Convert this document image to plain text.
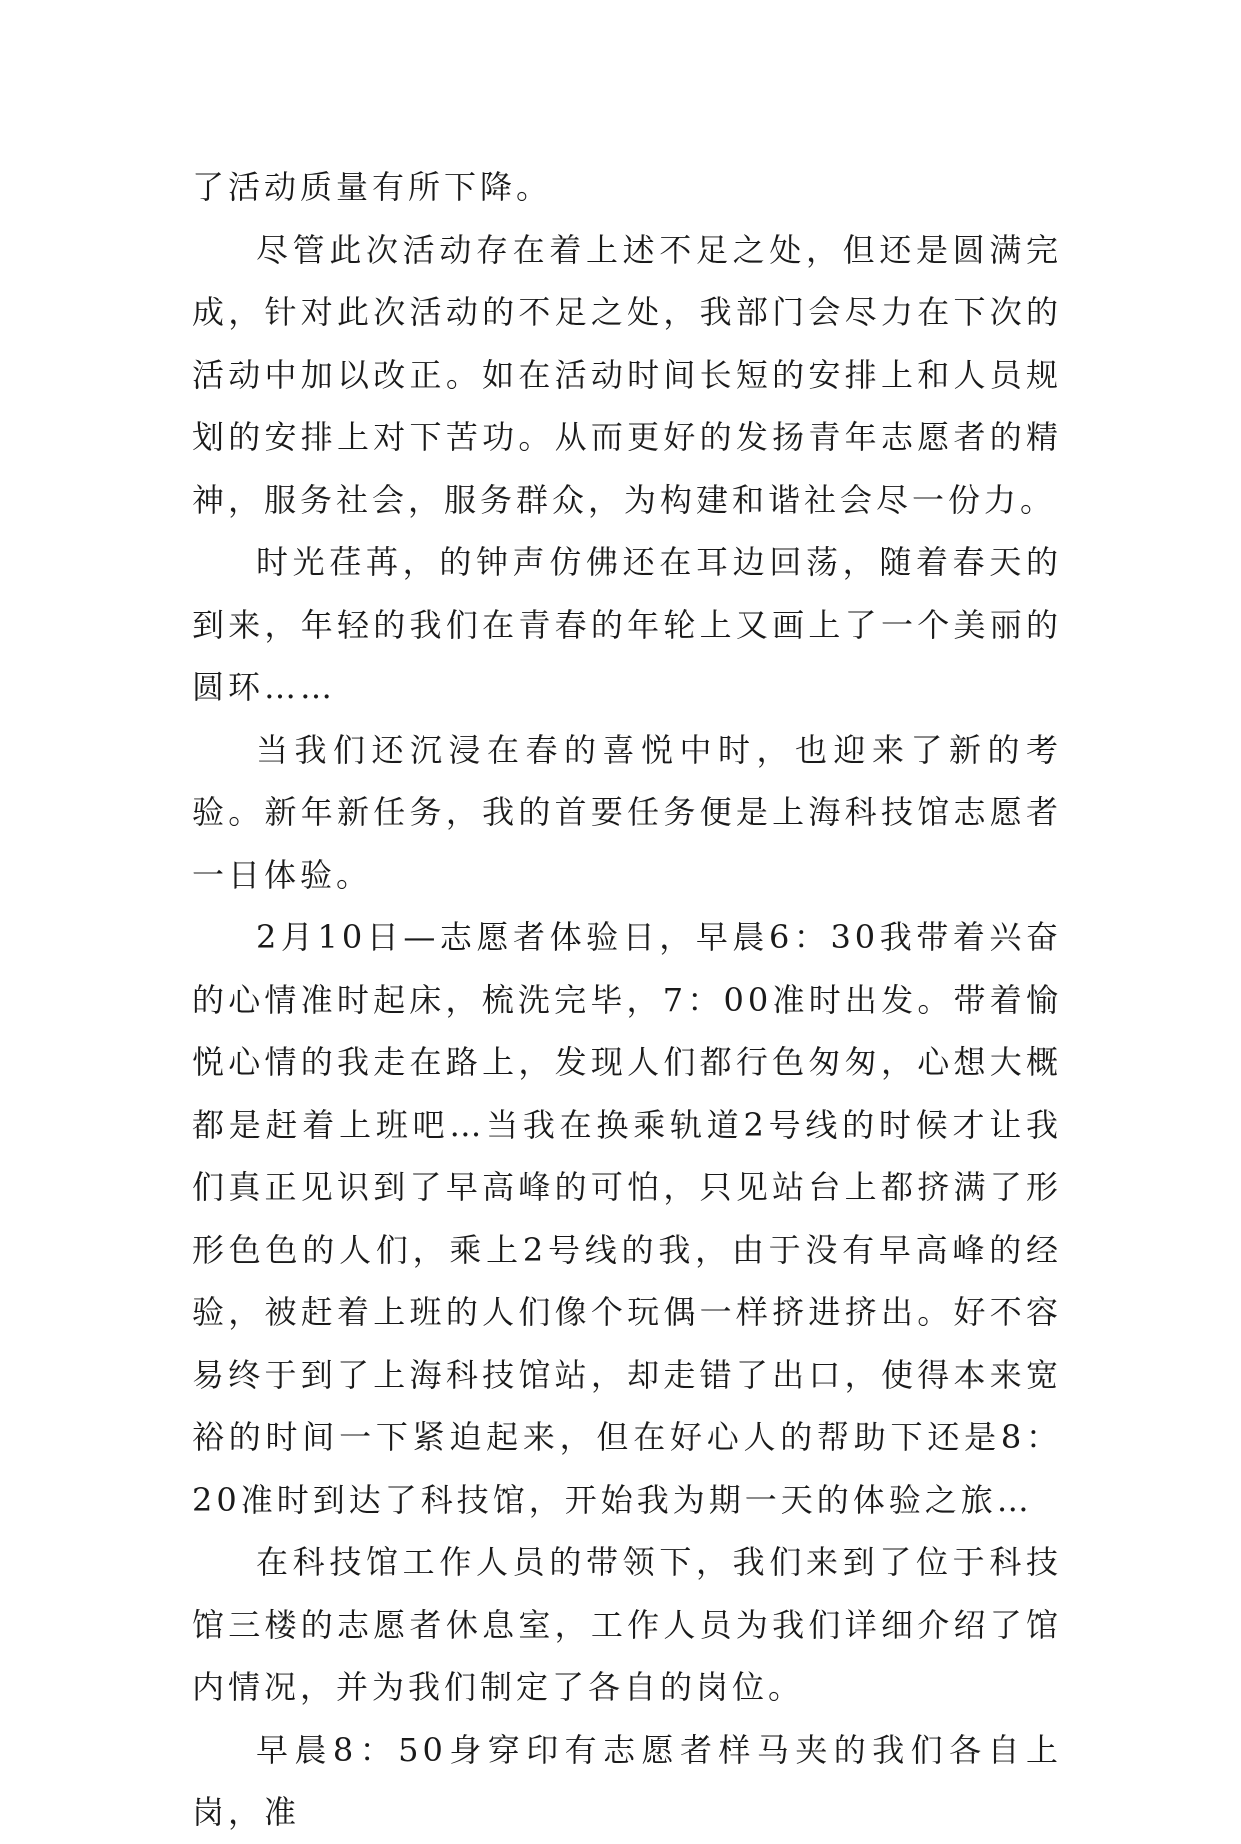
了活动质量有所下降。

尽管此次活动存在着上述不足之处，但还是圆满完成，针对此次活动的不足之处，我部门会尽力在下次的活动中加以改正。如在活动时间长短的安排上和人员规划的安排上对下苦功。从而更好的发扬青年志愿者的精神，服务社会，服务群众，为构建和谐社会尽一份力。

时光荏苒，的钟声仿佛还在耳边回荡，随着春天的到来，年轻的我们在青春的年轮上又画上了一个美丽的圆环……

当我们还沉浸在春的喜悦中时，也迎来了新的考验。新年新任务，我的首要任务便是上海科技馆志愿者一日体验。

2月10日—志愿者体验日，早晨6：30我带着兴奋的心情准时起床，梳洗完毕，7：00准时出发。带着愉悦心情的我走在路上，发现人们都行色匆匆，心想大概都是赶着上班吧…当我在换乘轨道2号线的时候才让我们真正见识到了早高峰的可怕，只见站台上都挤满了形形色色的人们，乘上2号线的我，由于没有早高峰的经验，被赶着上班的人们像个玩偶一样挤进挤出。好不容易终于到了上海科技馆站，却走错了出口，使得本来宽裕的时间一下紧迫起来，但在好心人的帮助下还是8：20准时到达了科技馆，开始我为期一天的体验之旅…

在科技馆工作人员的带领下，我们来到了位于科技馆三楼的志愿者休息室，工作人员为我们详细介绍了馆内情况，并为我们制定了各自的岗位。

早晨8：50身穿印有志愿者样马夹的我们各自上岗，准
